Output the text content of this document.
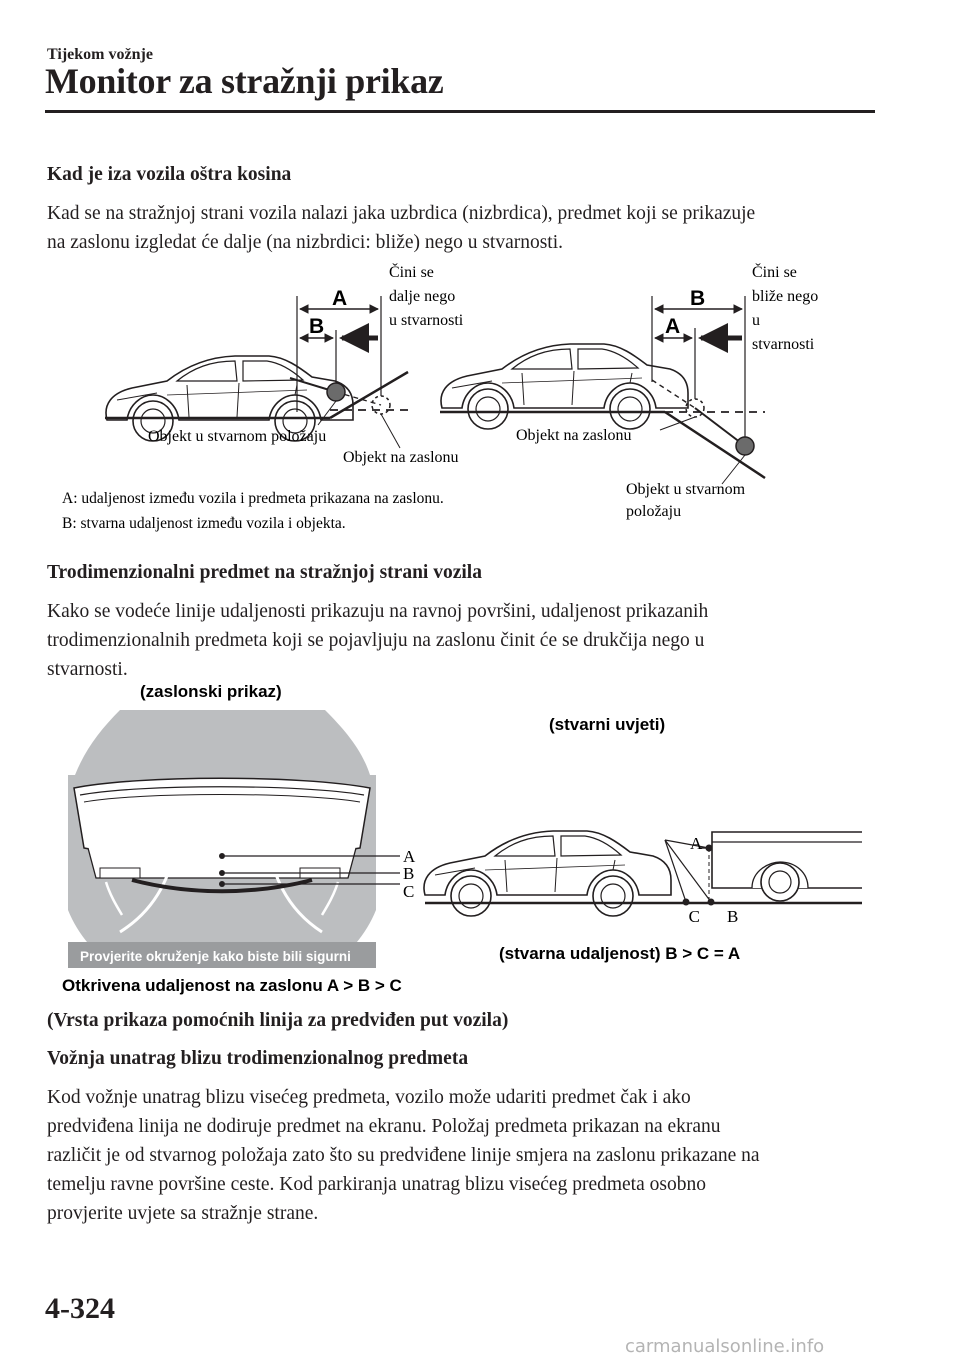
Tijekom vožnje
Monitor za stražnji prikaz
Kad je iza vozila oštra kosina

Kad se na stražnjoj strani vozila nalazi jaka uzbrdica (nizbrdica), predmet koji se prikazuje

na zaslonu izgledat će dalje (na nizbrdici: bliže) nego u stvarnosti.

A
B
Čini se dalje nego u stvarnosti
Objekt u stvarnom položaju
Objekt na zaslonu
B
A
Čini se bliže nego u stvarnosti
Objekt na zaslonu
Objekt u stvarnom položaju
A: udaljenost između vozila i predmeta prikazana na zaslonu.
B: stvarna udaljenost između vozila i objekta.
Trodimenzionalni predmet na stražnjoj strani vozila

Kako se vodeće linije udaljenosti prikazuju na ravnoj površini, udaljenost prikazanih

trodimenzionalnih predmeta koji se pojavljuju na zaslonu činit će se drukčija nego u

stvarnosti.

(zaslonski prikaz)
Provjerite okruženje kako biste bili sigurni
A
B
C
(stvarni uvjeti)
A
C B
(stvarna udaljenost) B > C = A
Otkrivena udaljenost na zaslonu A > B > C
(Vrsta prikaza pomoćnih linija za predviđen put vozila)
Vožnja unatrag blizu trodimenzionalnog predmeta

Kod vožnje unatrag blizu visećeg predmeta, vozilo može udariti predmet čak i ako

predviđena linija ne dodiruje predmet na ekranu. Položaj predmeta prikazan na ekranu

različit je od stvarnog položaja zato što su predviđene linije smjera na zaslonu prikazane na

temelju ravne površine ceste. Kod parkiranja unatrag blizu visećeg predmeta osobno

provjerite uvjete sa stražnje strane.

4-324
carmanualsonline.info
